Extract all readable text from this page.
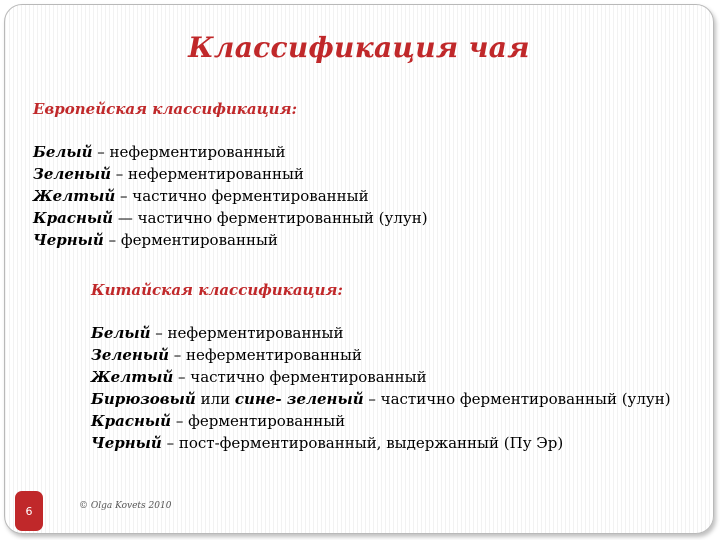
Классификация чая
Европейская классификация:
Белый – неферментированный
Зеленый – неферментированный
Желтый – частично ферментированный
Красный — частично ферментированный (улун)
Черный – ферментированный
Китайская классификация:
Белый – неферментированный
Зеленый – неферментированный
Желтый – частично ферментированный
Бирюзовый или сине- зеленый – частично ферментированный (улун)
Красный – ферментированный
Черный – пост-ферментированный, выдержанный (Пу Эр)
6	© Olga Kovets 2010
